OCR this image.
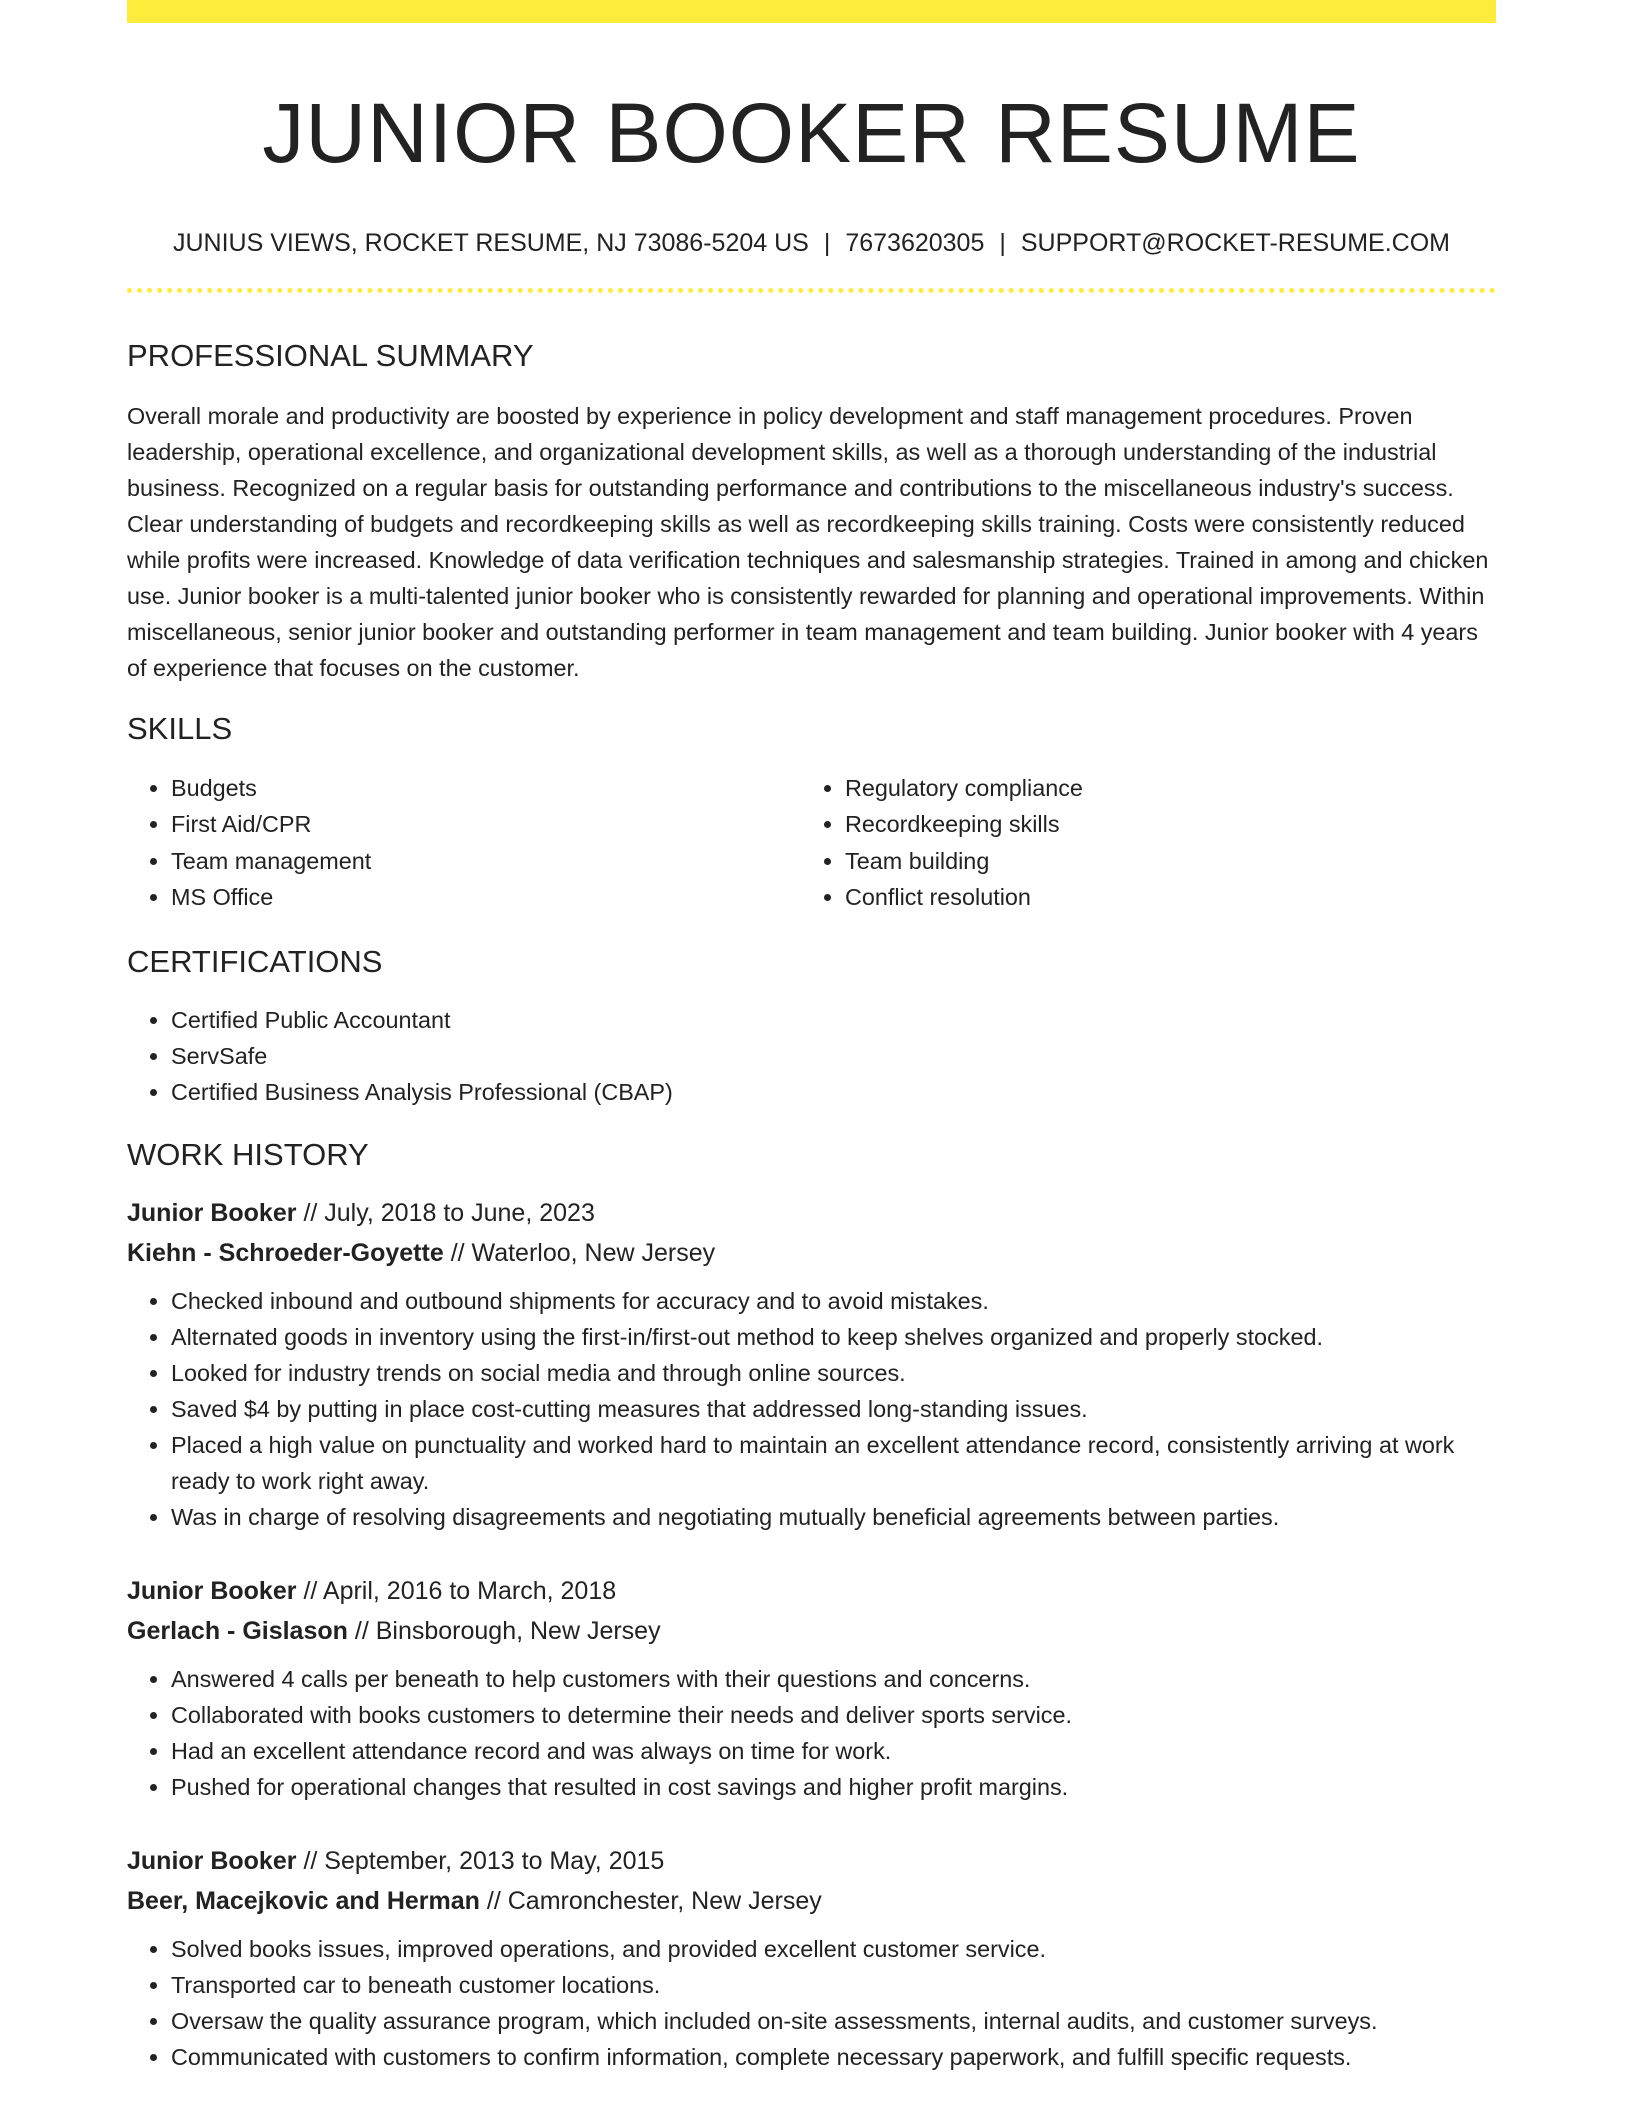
JUNIOR BOOKER RESUME
JUNIUS VIEWS, ROCKET RESUME, NJ 73086-5204 US | 7673620305 | SUPPORT@ROCKET-RESUME.COM
PROFESSIONAL SUMMARY

Overall morale and productivity are boosted by experience in policy development and staff management procedures. Proven leadership, operational excellence, and organizational development skills, as well as a thorough understanding of the industrial business. Recognized on a regular basis for outstanding performance and contributions to the miscellaneous industry's success. Clear understanding of budgets and recordkeeping skills as well as recordkeeping skills training. Costs were consistently reduced while profits were increased. Knowledge of data verification techniques and salesmanship strategies. Trained in among and chicken use. Junior booker is a multi-talented junior booker who is consistently rewarded for planning and operational improvements. Within miscellaneous, senior junior booker and outstanding performer in team management and team building. Junior booker with 4 years of experience that focuses on the customer.

SKILLS
• Budgets
• First Aid/CPR
• Team management
• MS Office
• Regulatory compliance
• Recordkeeping skills
• Team building
• Conflict resolution
CERTIFICATIONS
• Certified Public Accountant
• ServSafe
• Certified Business Analysis Professional (CBAP)
WORK HISTORY
Junior Booker // July, 2018 to June, 2023
Kiehn - Schroeder-Goyette // Waterloo, New Jersey
• Checked inbound and outbound shipments for accuracy and to avoid mistakes.
• Alternated goods in inventory using the first-in/first-out method to keep shelves organized and properly stocked.
• Looked for industry trends on social media and through online sources.
• Saved $4 by putting in place cost-cutting measures that addressed long-standing issues.
• Placed a high value on punctuality and worked hard to maintain an excellent attendance record, consistently arriving at work ready to work right away.
• Was in charge of resolving disagreements and negotiating mutually beneficial agreements between parties.
Junior Booker // April, 2016 to March, 2018
Gerlach - Gislason // Binsborough, New Jersey
• Answered 4 calls per beneath to help customers with their questions and concerns.
• Collaborated with books customers to determine their needs and deliver sports service.
• Had an excellent attendance record and was always on time for work.
• Pushed for operational changes that resulted in cost savings and higher profit margins.
Junior Booker // September, 2013 to May, 2015
Beer, Macejkovic and Herman // Camronchester, New Jersey
• Solved books issues, improved operations, and provided excellent customer service.
• Transported car to beneath customer locations.
• Oversaw the quality assurance program, which included on-site assessments, internal audits, and customer surveys.
• Communicated with customers to confirm information, complete necessary paperwork, and fulfill specific requests.
